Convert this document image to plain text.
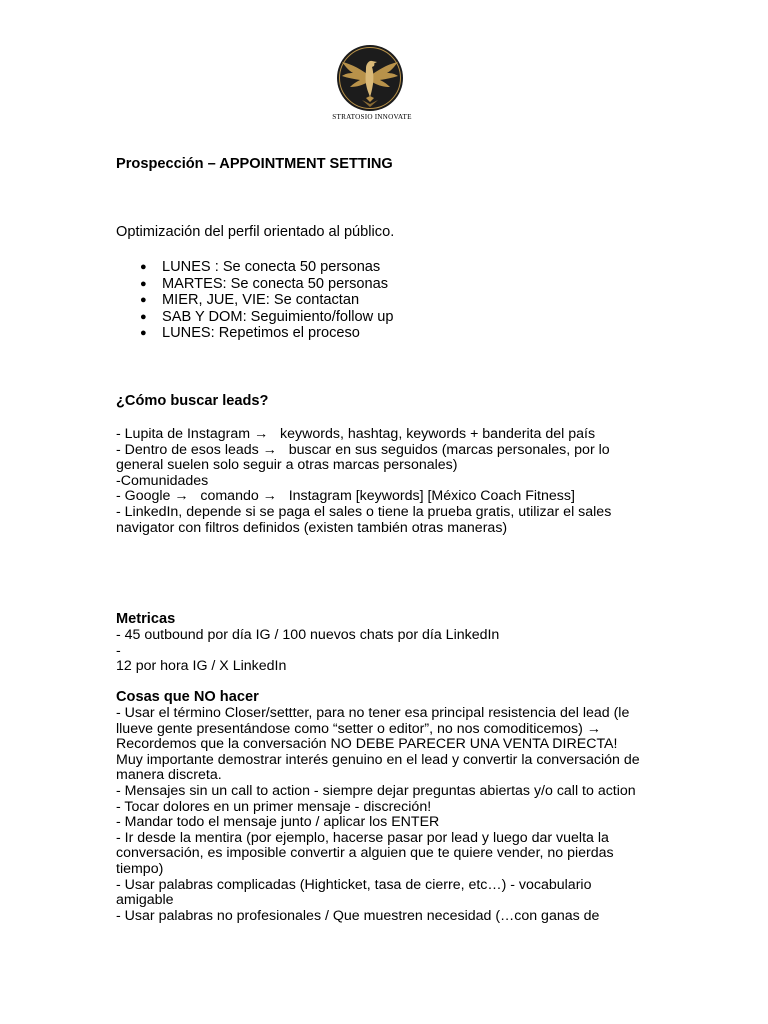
STRATOSIO INNOVATE
Prospección – APPOINTMENT SETTING
Optimización del perfil orientado al público.
● LUNES : Se conecta 50 personas
● MARTES: Se conecta 50 personas
● MIER, JUE, VIE: Se contactan
● SAB Y DOM: Seguimiento/follow up
● LUNES: Repetimos el proceso
¿Cómo buscar leads?
- Lupita de Instagram →   keywords, hashtag, keywords + banderita del país
- Dentro de esos leads →   buscar en sus seguidos (marcas personales, por lo
general suelen solo seguir a otras marcas personales)
-Comunidades
- Google →   comando →   Instagram [keywords] [México Coach Fitness]
- LinkedIn, depende si se paga el sales o tiene la prueba gratis, utilizar el sales
navigator con filtros definidos (existen también otras maneras)
Metricas
- 45 outbound por día IG / 100 nuevos chats por día LinkedIn
-
12 por hora IG / X LinkedIn
Cosas que NO hacer
- Usar el término Closer/settter, para no tener esa principal resistencia del lead (le
llueve gente presentándose como “setter o editor”, no nos comoditicemos) →
Recordemos que la conversación NO DEBE PARECER UNA VENTA DIRECTA!
Muy importante demostrar interés genuino en el lead y convertir la conversación de
manera discreta.
- Mensajes sin un call to action - siempre dejar preguntas abiertas y/o call to action
- Tocar dolores en un primer mensaje - discreción!
- Mandar todo el mensaje junto / aplicar los ENTER
- Ir desde la mentira (por ejemplo, hacerse pasar por lead y luego dar vuelta la
conversación, es imposible convertir a alguien que te quiere vender, no pierdas
tiempo)
- Usar palabras complicadas (Highticket, tasa de cierre, etc…) - vocabulario
amigable
- Usar palabras no profesionales / Que muestren necesidad (…con ganas de
